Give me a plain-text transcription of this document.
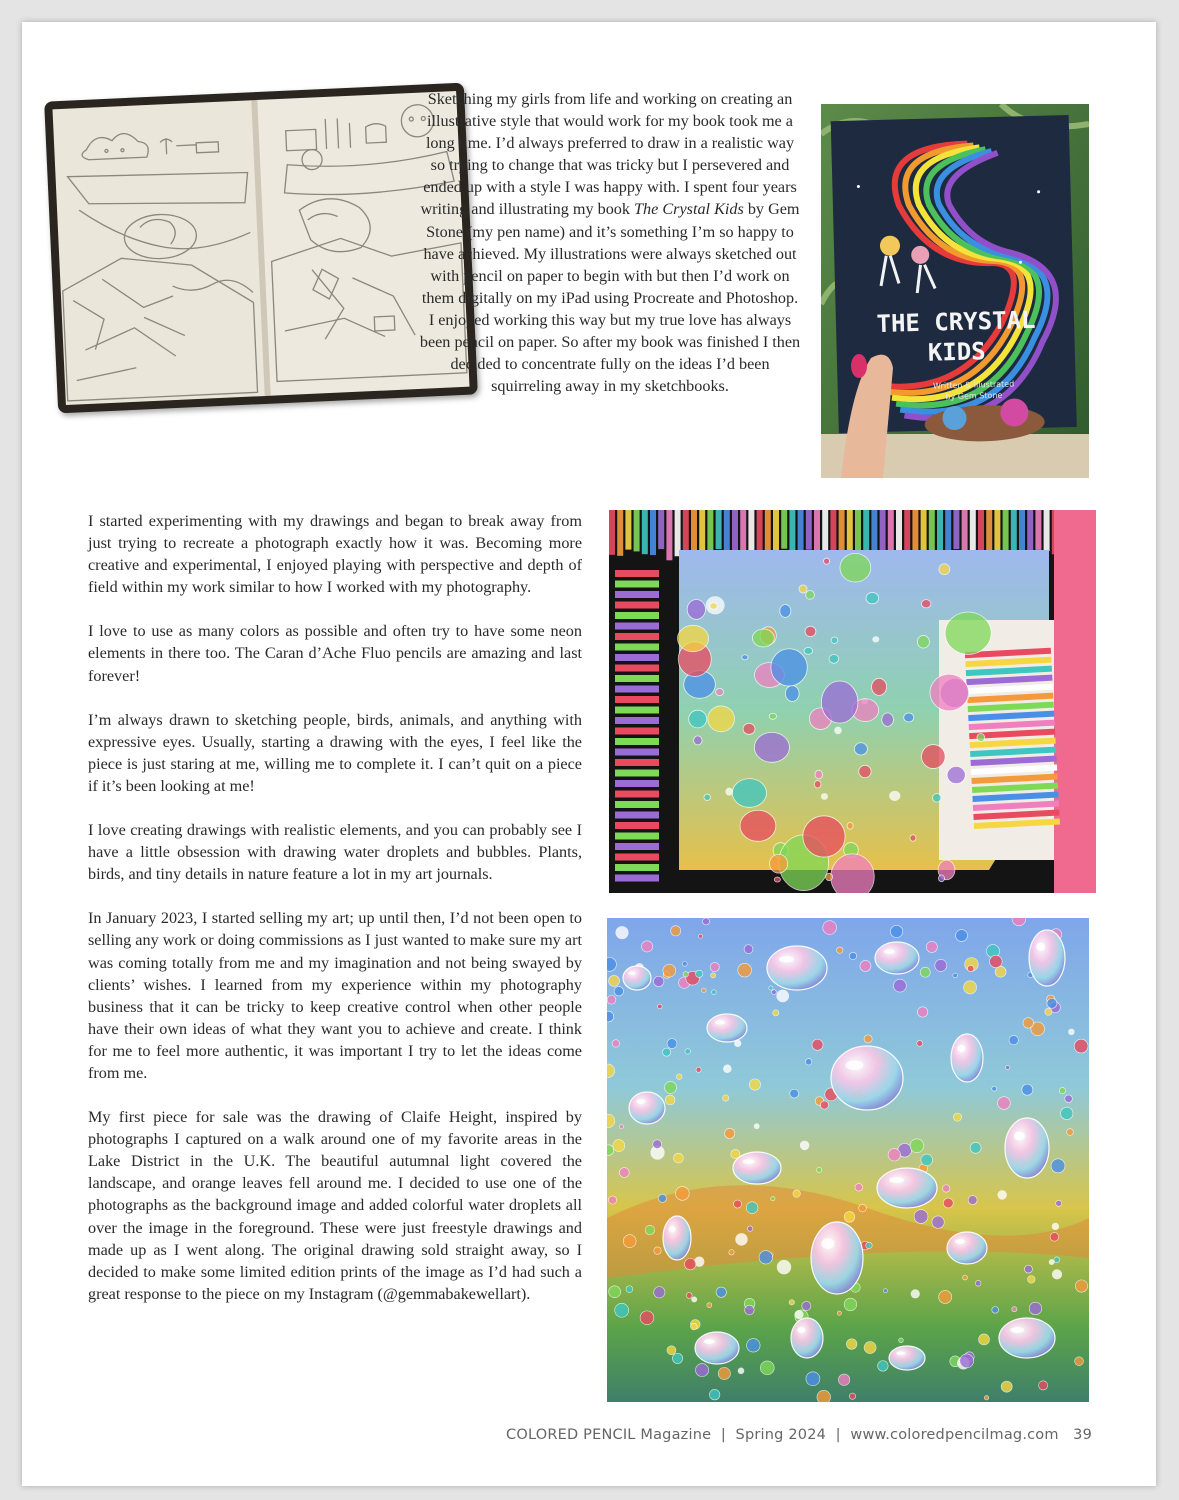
Sketching my girls from life and working on creating an illustrative style that would work for my book took me a long time. I’d always preferred to draw in a realistic way so trying to change that was tricky but I persevered and ended up with a style I was happy with. I spent four years writing and illustrating my book The Crystal Kids by Gem Stone (my pen name) and it’s something I’m so happy to have achieved. My illustrations were always sketched out with pencil on paper to begin with but then I’d work on them digitally on my iPad using Procreate and Photoshop. I enjoyed working this way but my true love has always been pencil on paper. So after my book was finished I then decided to concentrate fully on the ideas I’d been squirreling away in my sketchbooks.

THE CRYSTAL
KIDS
Written & Illustrated
by Gem Stone

I started experimenting with my drawings and began to break away from just trying to recreate a photograph exactly how it was. Becoming more creative and experimental, I enjoyed playing with perspective and depth of field within my work similar to how I worked with my photography.

I love to use as many colors as possible and often try to have some neon elements in there too. The Caran d’Ache Fluo pencils are amazing and last forever!

I’m always drawn to sketching people, birds, animals, and anything with expressive eyes. Usually, starting a drawing with the eyes, I feel like the piece is just staring at me, willing me to complete it. I can’t quit on a piece if it’s been looking at me!

I love creating drawings with realistic elements, and you can probably see I have a little obsession with drawing water droplets and bubbles. Plants, birds, and tiny details in nature feature a lot in my art journals.

In January 2023, I started selling my art; up until then, I’d not been open to selling any work or doing commissions as I just wanted to make sure my art was coming totally from me and my imagination and not being swayed by clients’ wishes. I learned from my experience within my photography business that it can be tricky to keep creative control when other people have their own ideas of what they want you to achieve and create. I think for me to feel more authentic, it was important I try to let the ideas come from me.

My first piece for sale was the drawing of Claife Height, inspired by photographs I captured on a walk around one of my favorite areas in the Lake District in the U.K. The beautiful autumnal light covered the landscape, and orange leaves fell around me. I decided to use one of the photographs as the background image and added colorful water droplets all over the image in the foreground. These were just freestyle drawings and made up as I went along. The original drawing sold straight away, so I decided to make some limited edition prints of the image as I’d had such a great response to the piece on my Instagram (@gemmabakewellart).

COLORED PENCIL Magazine  |  Spring 2024  |  www.coloredpencilmag.com 39
